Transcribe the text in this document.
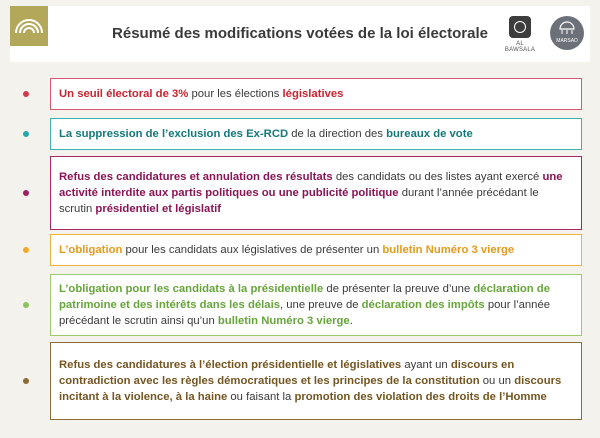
Résumé des modifications votées de la loi électorale
AL BAWSALA
MARSAD
Un seuil électoral de 3% pour les élections législatives
La suppression de l’exclusion des Ex-RCD de la direction des bureaux de vote
Refus des candidatures et annulation des résultats des candidats ou des listes ayant exercé une activité interdite aux partis politiques ou une publicité politique durant l’année précédant le scrutin présidentiel et législatif
L’obligation pour les candidats aux législatives de présenter un bulletin Numéro 3 vierge
L’obligation pour les candidats à la présidentielle de présenter la preuve d’une déclaration de patrimoine et des intérêts dans les délais, une preuve de déclaration des impôts pour l’année précédant le scrutin ainsi qu’un bulletin Numéro 3 vierge.
Refus des candidatures à l’élection présidentielle et législatives ayant un discours en contradiction avec les règles démocratiques et les principes de la constitution ou un discours incitant à la violence, à la haine ou faisant la promotion des violation des droits de l’Homme
